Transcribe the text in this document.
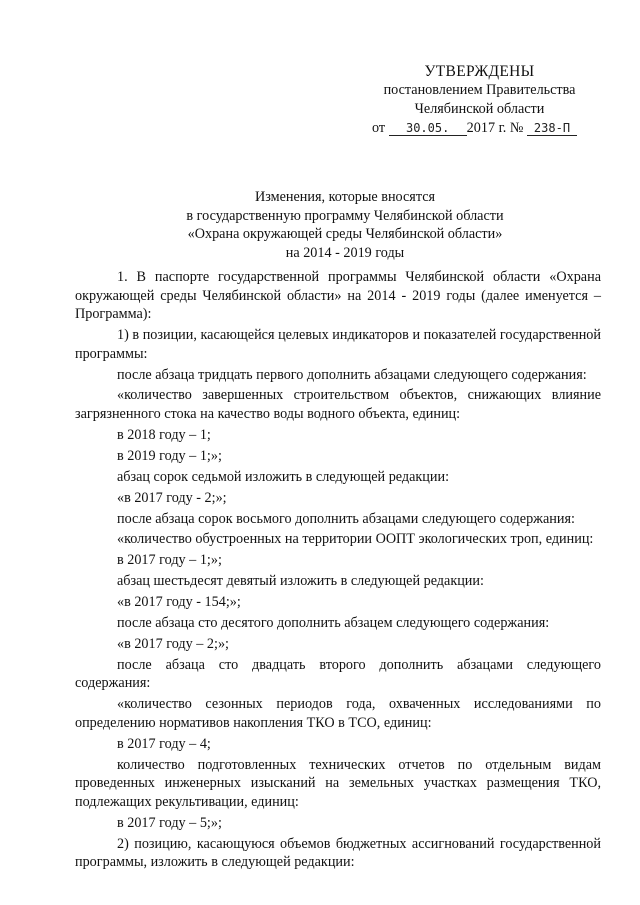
УТВЕРЖДЕНЫ
постановлением Правительства
Челябинской области
от 30.05. 2017 г. № 238-П
Изменения, которые вносятся
в государственную программу Челябинской области
«Охрана окружающей среды Челябинской области»
на 2014 - 2019 годы

1. В паспорте государственной программы Челябинской области «Охрана окружающей среды Челябинской области» на 2014 - 2019 годы (далее именуется – Программа):

1) в позиции, касающейся целевых индикаторов и показателей государственной программы:

после абзаца тридцать первого дополнить абзацами следующего содержания:

«количество завершенных строительством объектов, снижающих влияние загрязненного стока на качество воды водного объекта, единиц:

в 2018 году – 1;

в 2019 году – 1;»;

абзац сорок седьмой изложить в следующей редакции:

«в 2017 году - 2;»;

после абзаца сорок восьмого дополнить абзацами следующего содержания:

«количество обустроенных на территории ООПТ экологических троп, единиц:

в 2017 году – 1;»;

абзац шестьдесят девятый изложить в следующей редакции:

«в 2017 году - 154;»;

после абзаца сто десятого дополнить абзацем следующего содержания:

«в 2017 году – 2;»;

после абзаца сто двадцать второго дополнить абзацами следующего содержания:

«количество сезонных периодов года, охваченных исследованиями по определению нормативов накопления ТКО в ТСО, единиц:

в 2017 году – 4;

количество подготовленных технических отчетов по отдельным видам проведенных инженерных изысканий на земельных участках размещения ТКО, подлежащих рекультивации, единиц:

в 2017 году – 5;»;

2) позицию, касающуюся объемов бюджетных ассигнований государственной программы, изложить в следующей редакции:
